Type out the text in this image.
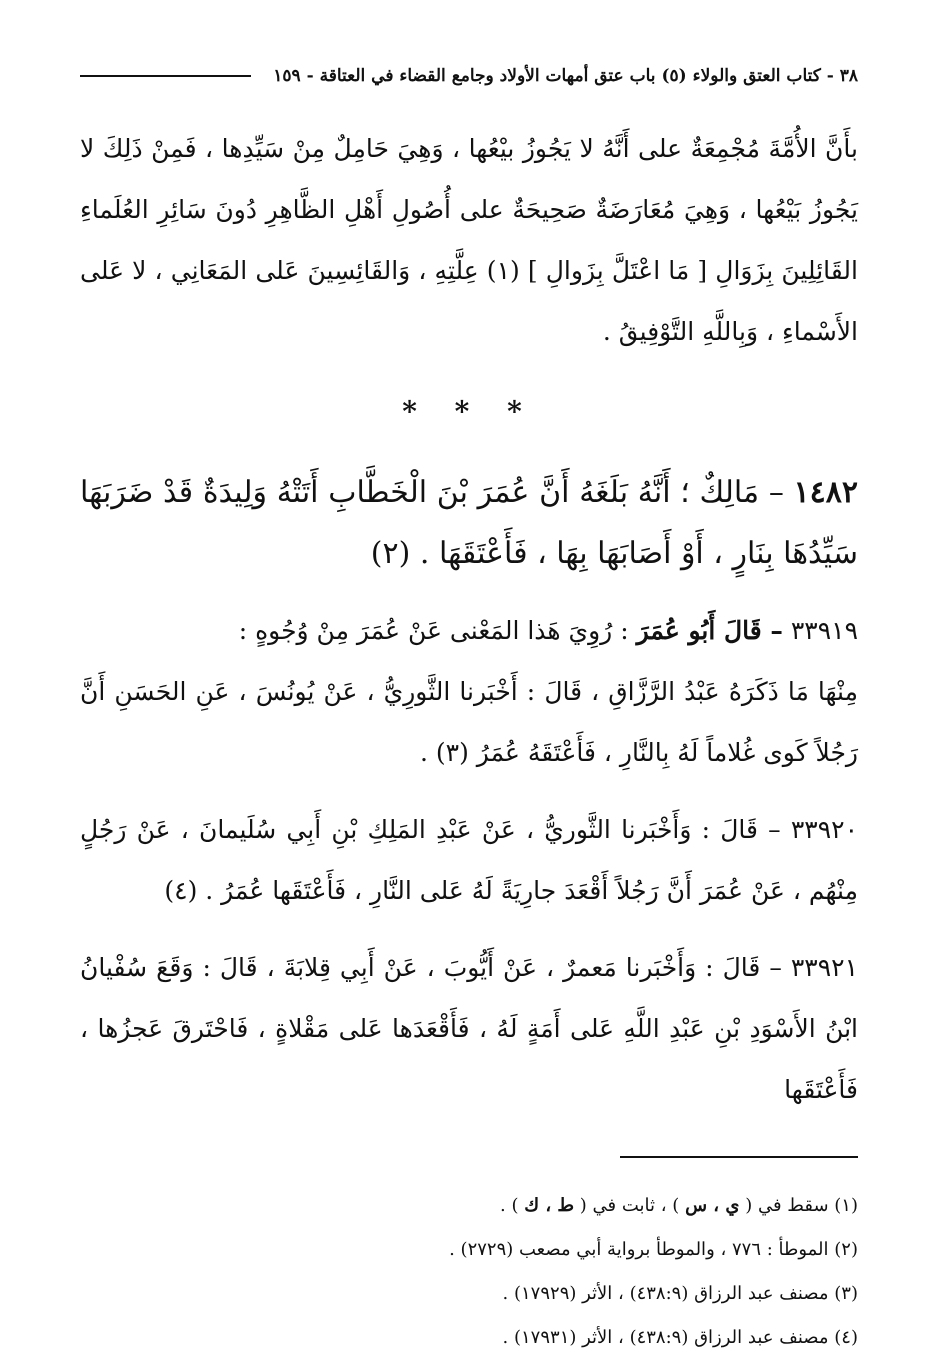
٣٨ - كتاب العتق والولاء (٥) باب عتق أمهات الأولاد وجامع القضاء في العتاقة - ١٥٩

بأَنَّ الأُمَّةَ مُجْمِعَةٌ على أَنَّهُ لا يَجُوزُ بيْعُها ، وَهِيَ حَامِلٌ مِنْ سَيِّدِها ، فَمِنْ ذَلِكَ لا يَجُوزُ بَيْعُها ، وَهِيَ مُعَارَضَةٌ صَحِيحَةٌ على أُصُولِ أَهْلِ الظَّاهِرِ دُونَ سَائِرِ العُلَماءِ القَائِلِينَ بِزَوَالِ [ مَا اعْتَلَّ بِزَوالِ ] (١) عِلَّتِهِ ، وَالقَائِسِينَ عَلى المَعَانِي ، لا عَلى الأَسْماءِ ، وَبِاللَّهِ التَّوْفِيقُ .

* * *

١٤٨٢ – مَالِكٌ ؛ أَنَّهُ بَلَغَهُ أَنَّ عُمَرَ بْنَ الْخَطَّابِ أَتَتْهُ وَلِيدَةٌ قَدْ ضَرَبَهَا سَيِّدُهَا بِنَارٍ ، أَوْ أَصَابَهَا بِهَا ، فَأَعْتَقَهَا . (٢)

٣٣٩١٩ – قَالَ أَبُو عُمَرَ : رُوِيَ هَذا المَعْنى عَنْ عُمَرَ مِنْ وُجُوهٍ :

مِنْهَا مَا ذَكَرَهُ عَبْدُ الرَّزَّاقِ ، قَالَ : أَخْبَرنا الثَّورِيُّ ، عَنْ يُونُسَ ، عَنِ الحَسَنِ أَنَّ رَجُلاً كَوى غُلاماً لَهُ بِالنَّارِ ، فَأَعْتَقَهُ عُمَرُ (٣) .

٣٣٩٢٠ – قَالَ : وَأَخْبَرنا الثَّوريُّ ، عَنْ عَبْدِ المَلِكِ بْنِ أَبِي سُلَيمانَ ، عَنْ رَجُلٍ مِنْهُم ، عَنْ عُمَرَ أَنَّ رَجُلاً أَقْعَدَ جارِيَةً لَهُ عَلى النَّارِ ، فَأَعْتَقَها عُمَرُ . (٤)

٣٣٩٢١ – قَالَ : وَأَخْبَرنا مَعمرٌ ، عَنْ أَيُّوبَ ، عَنْ أَبِي قِلابَةَ ، قَالَ : وَقَعَ سُفْيانُ ابْنُ الأَسْوَدِ بْنِ عَبْدِ اللَّهِ عَلى أَمَةٍ لَهُ ، فَأَقْعَدَها عَلى مَقْلاةٍ ، فَاحْتَرقَ عَجزُها ، فَأَعْتَقَها

(١) سقط في ( ي ، س ) ، ثابت في ( ط ، ك ) .

(٢) الموطأ : ٧٧٦ ، والموطأ برواية أبي مصعب (٢٧٢٩) .

(٣) مصنف عبد الرزاق (٤٣٨:٩) ، الأثر (١٧٩٢٩) .

(٤) مصنف عبد الرزاق (٤٣٨:٩) ، الأثر (١٧٩٣١) .
